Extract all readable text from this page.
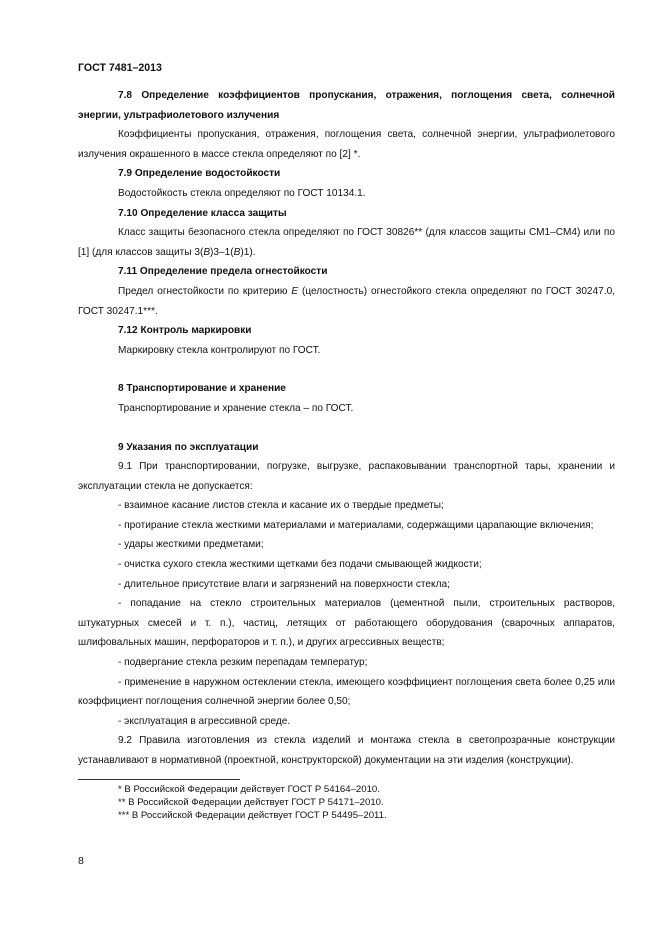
ГОСТ 7481–2013

7.8 Определение коэффициентов пропускания, отражения, поглощения света, солнечной энергии, ультрафиолетового излучения

Коэффициенты пропускания, отражения, поглощения света, солнечной энергии, ультрафиолетового излучения окрашенного в массе стекла определяют по [2] *.

7.9 Определение водостойкости

Водостойкость стекла определяют по ГОСТ 10134.1.

7.10 Определение класса защиты

Класс защиты безопасного стекла определяют по ГОСТ 30826** (для классов защиты СМ1–СМ4) или по [1] (для классов защиты 3(В)3–1(В)1).

7.11 Определение предела огнестойкости

Предел огнестойкости по критерию Е (целостность) огнестойкого стекла определяют по ГОСТ 30247.0, ГОСТ 30247.1***.

7.12 Контроль маркировки

Маркировку стекла контролируют по ГОСТ.

8 Транспортирование и хранение

Транспортирование и хранение стекла – по ГОСТ.

9 Указания по эксплуатации

9.1 При транспортировании, погрузке, выгрузке, распаковывании транспортной тары, хранении и эксплуатации стекла не допускается:

- взаимное касание листов стекла и касание их о твердые предметы;

- протирание стекла жесткими материалами и материалами, содержащими царапающие включения;

- удары жесткими предметами;

- очистка сухого стекла жесткими щетками без подачи смывающей жидкости;

- длительное присутствие влаги и загрязнений на поверхности стекла;

- попадание на стекло строительных материалов (цементной пыли, строительных растворов, штукатурных смесей и т. п.), частиц, летящих от работающего оборудования (сварочных аппаратов, шлифовальных машин, перфораторов и т. п.), и других агрессивных веществ;

- подвергание стекла резким перепадам температур;

- применение в наружном остеклении стекла, имеющего коэффициент поглощения света более 0,25 или коэффициент поглощения солнечной энергии более 0,50;

- эксплуатация в агрессивной среде.

9.2 Правила изготовления из стекла изделий и монтажа стекла в светопрозрачные конструкции устанавливают в нормативной (проектной, конструкторской) документации на эти изделия (конструкции).

* В Российской Федерации действует ГОСТ Р 54164–2010.

** В Российской Федерации действует ГОСТ Р 54171–2010.

*** В Российской Федерации действует ГОСТ Р 54495–2011.

8
